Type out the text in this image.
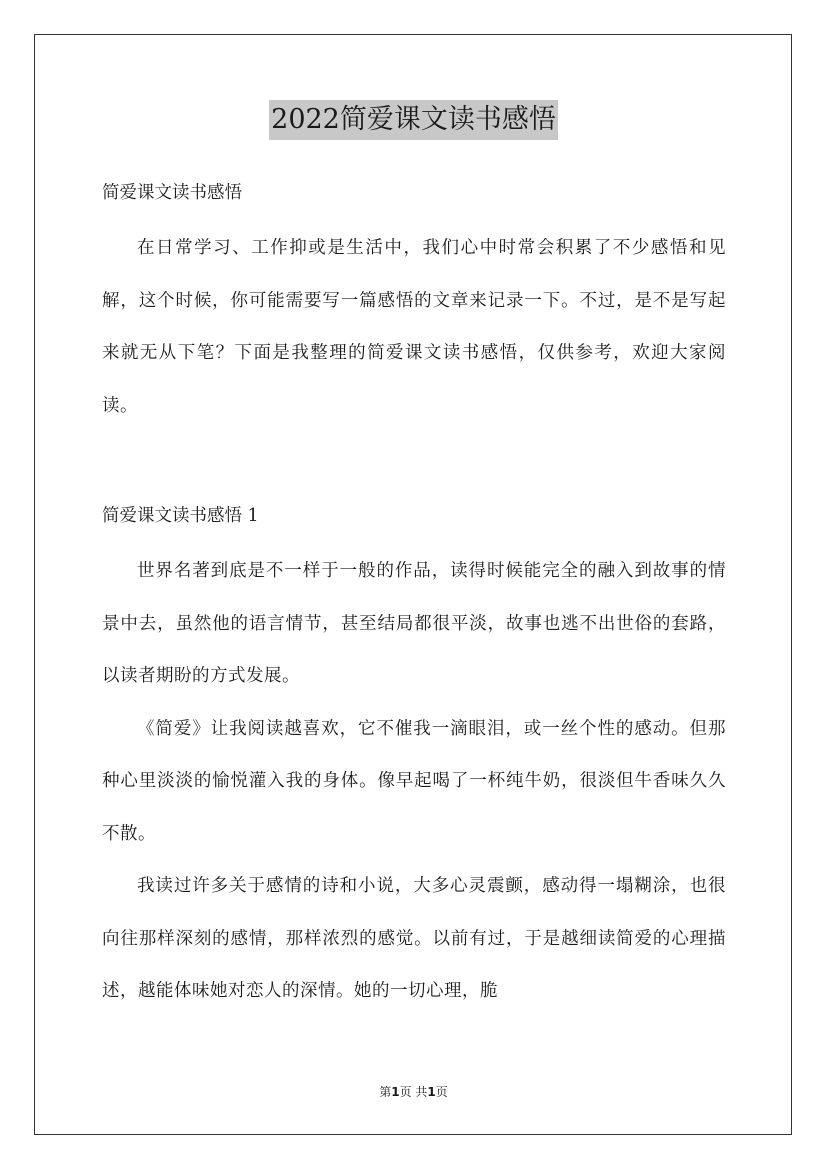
2022简爱课文读书感悟

简爱课文读书感悟

在日常学习、工作抑或是生活中，我们心中时常会积累了不少感悟和见解，这个时候，你可能需要写一篇感悟的文章来记录一下。不过，是不是写起来就无从下笔？下面是我整理的简爱课文读书感悟，仅供参考，欢迎大家阅读。

简爱课文读书感悟 1

世界名著到底是不一样于一般的作品，读得时候能完全的融入到故事的情景中去，虽然他的语言情节，甚至结局都很平淡，故事也逃不出世俗的套路，以读者期盼的方式发展。

《简爱》让我阅读越喜欢，它不催我一滴眼泪，或一丝个性的感动。但那种心里淡淡的愉悦灌入我的身体。像早起喝了一杯纯牛奶，很淡但牛香味久久不散。

我读过许多关于感情的诗和小说，大多心灵震颤，感动得一塌糊涂，也很向往那样深刻的感情，那样浓烈的感觉。以前有过，于是越细读简爱的心理描述，越能体味她对恋人的深情。她的一切心理，脆

第1页 共1页
